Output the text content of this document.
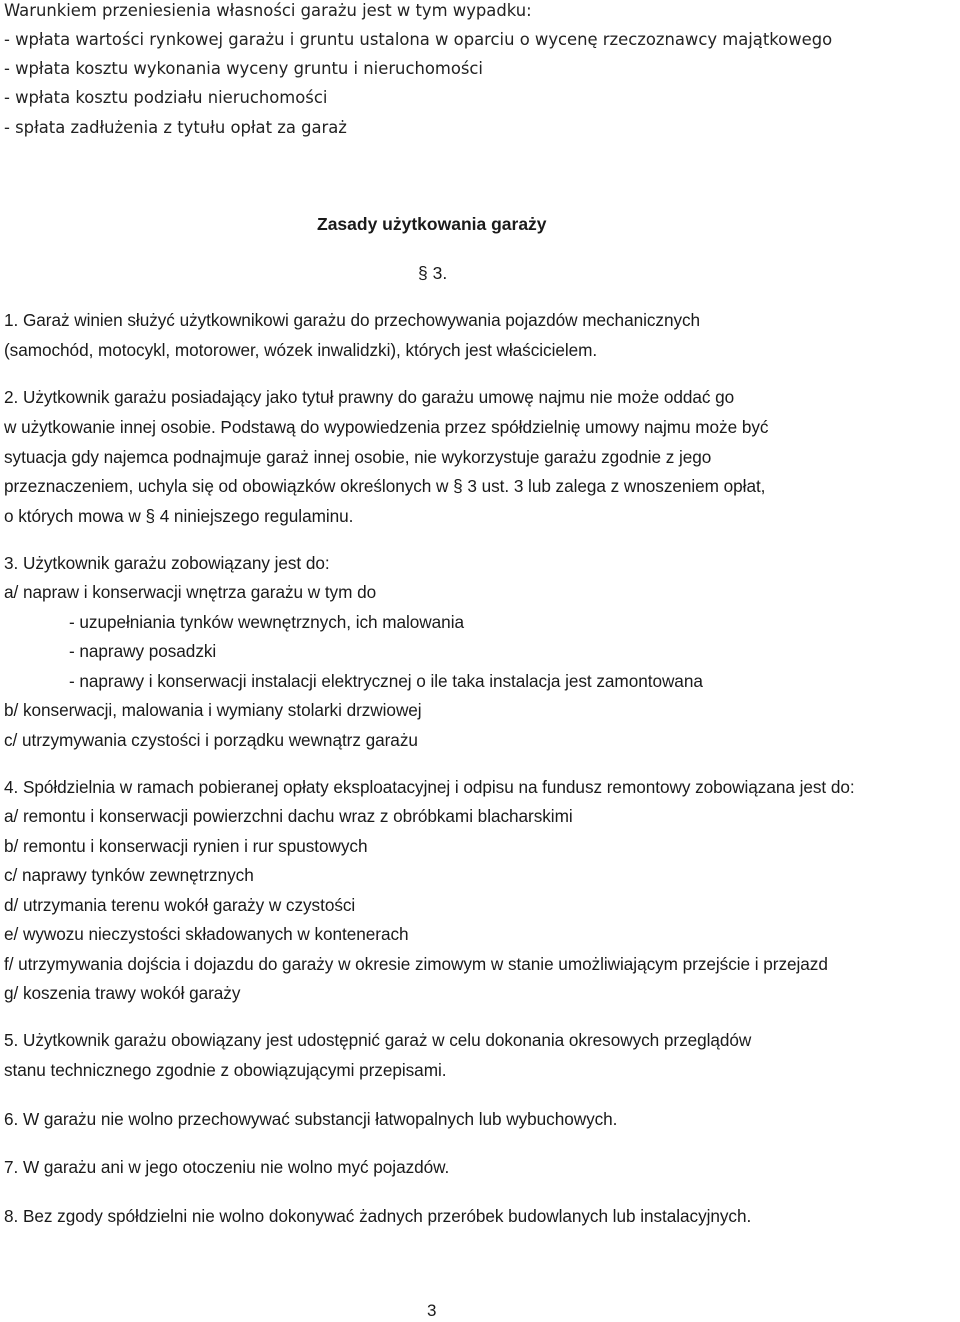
Warunkiem przeniesienia własności garażu jest w tym wypadku:
- wpłata wartości rynkowej garażu i gruntu ustalona w oparciu o wycenę rzeczoznawcy majątkowego
- wpłata kosztu wykonania wyceny gruntu i nieruchomości
- wpłata kosztu podziału nieruchomości
- spłata zadłużenia z tytułu opłat za garaż
Zasady użytkowania garaży
§ 3.
1. Garaż winien służyć użytkownikowi garażu do przechowywania pojazdów mechanicznych
(samochód, motocykl, motorower, wózek inwalidzki), których jest właścicielem.
2. Użytkownik garażu posiadający jako tytuł prawny do garażu umowę najmu nie może oddać go
w użytkowanie innej osobie. Podstawą do wypowiedzenia przez spółdzielnię umowy najmu może być
sytuacja gdy najemca podnajmuje garaż innej osobie, nie wykorzystuje garażu zgodnie z jego
przeznaczeniem, uchyla się od obowiązków określonych w § 3 ust. 3 lub zalega z wnoszeniem opłat,
o których mowa w § 4 niniejszego regulaminu.
3. Użytkownik garażu zobowiązany jest do:
a/ napraw i konserwacji wnętrza garażu w tym do
- uzupełniania tynków wewnętrznych, ich malowania
- naprawy posadzki
- naprawy i konserwacji instalacji elektrycznej o ile taka instalacja jest zamontowana
b/ konserwacji, malowania i wymiany stolarki drzwiowej
c/ utrzymywania czystości i porządku wewnątrz garażu
4. Spółdzielnia w ramach pobieranej opłaty eksploatacyjnej i odpisu na fundusz remontowy zobowiązana jest do:
a/ remontu i konserwacji powierzchni dachu wraz z obróbkami blacharskimi
b/ remontu i konserwacji rynien i rur spustowych
c/ naprawy tynków zewnętrznych
d/ utrzymania terenu wokół garaży w czystości
e/ wywozu nieczystości składowanych w kontenerach
f/ utrzymywania dojścia i dojazdu do garaży w okresie zimowym w stanie umożliwiającym przejście i przejazd
g/ koszenia trawy wokół garaży
5. Użytkownik garażu obowiązany jest udostępnić garaż w celu dokonania okresowych przeglądów
stanu technicznego zgodnie z obowiązującymi przepisami.
6. W garażu nie wolno przechowywać substancji łatwopalnych lub wybuchowych.
7. W garażu ani w jego otoczeniu nie wolno myć pojazdów.
8. Bez zgody spółdzielni nie wolno dokonywać żadnych przeróbek budowlanych lub instalacyjnych.
3
